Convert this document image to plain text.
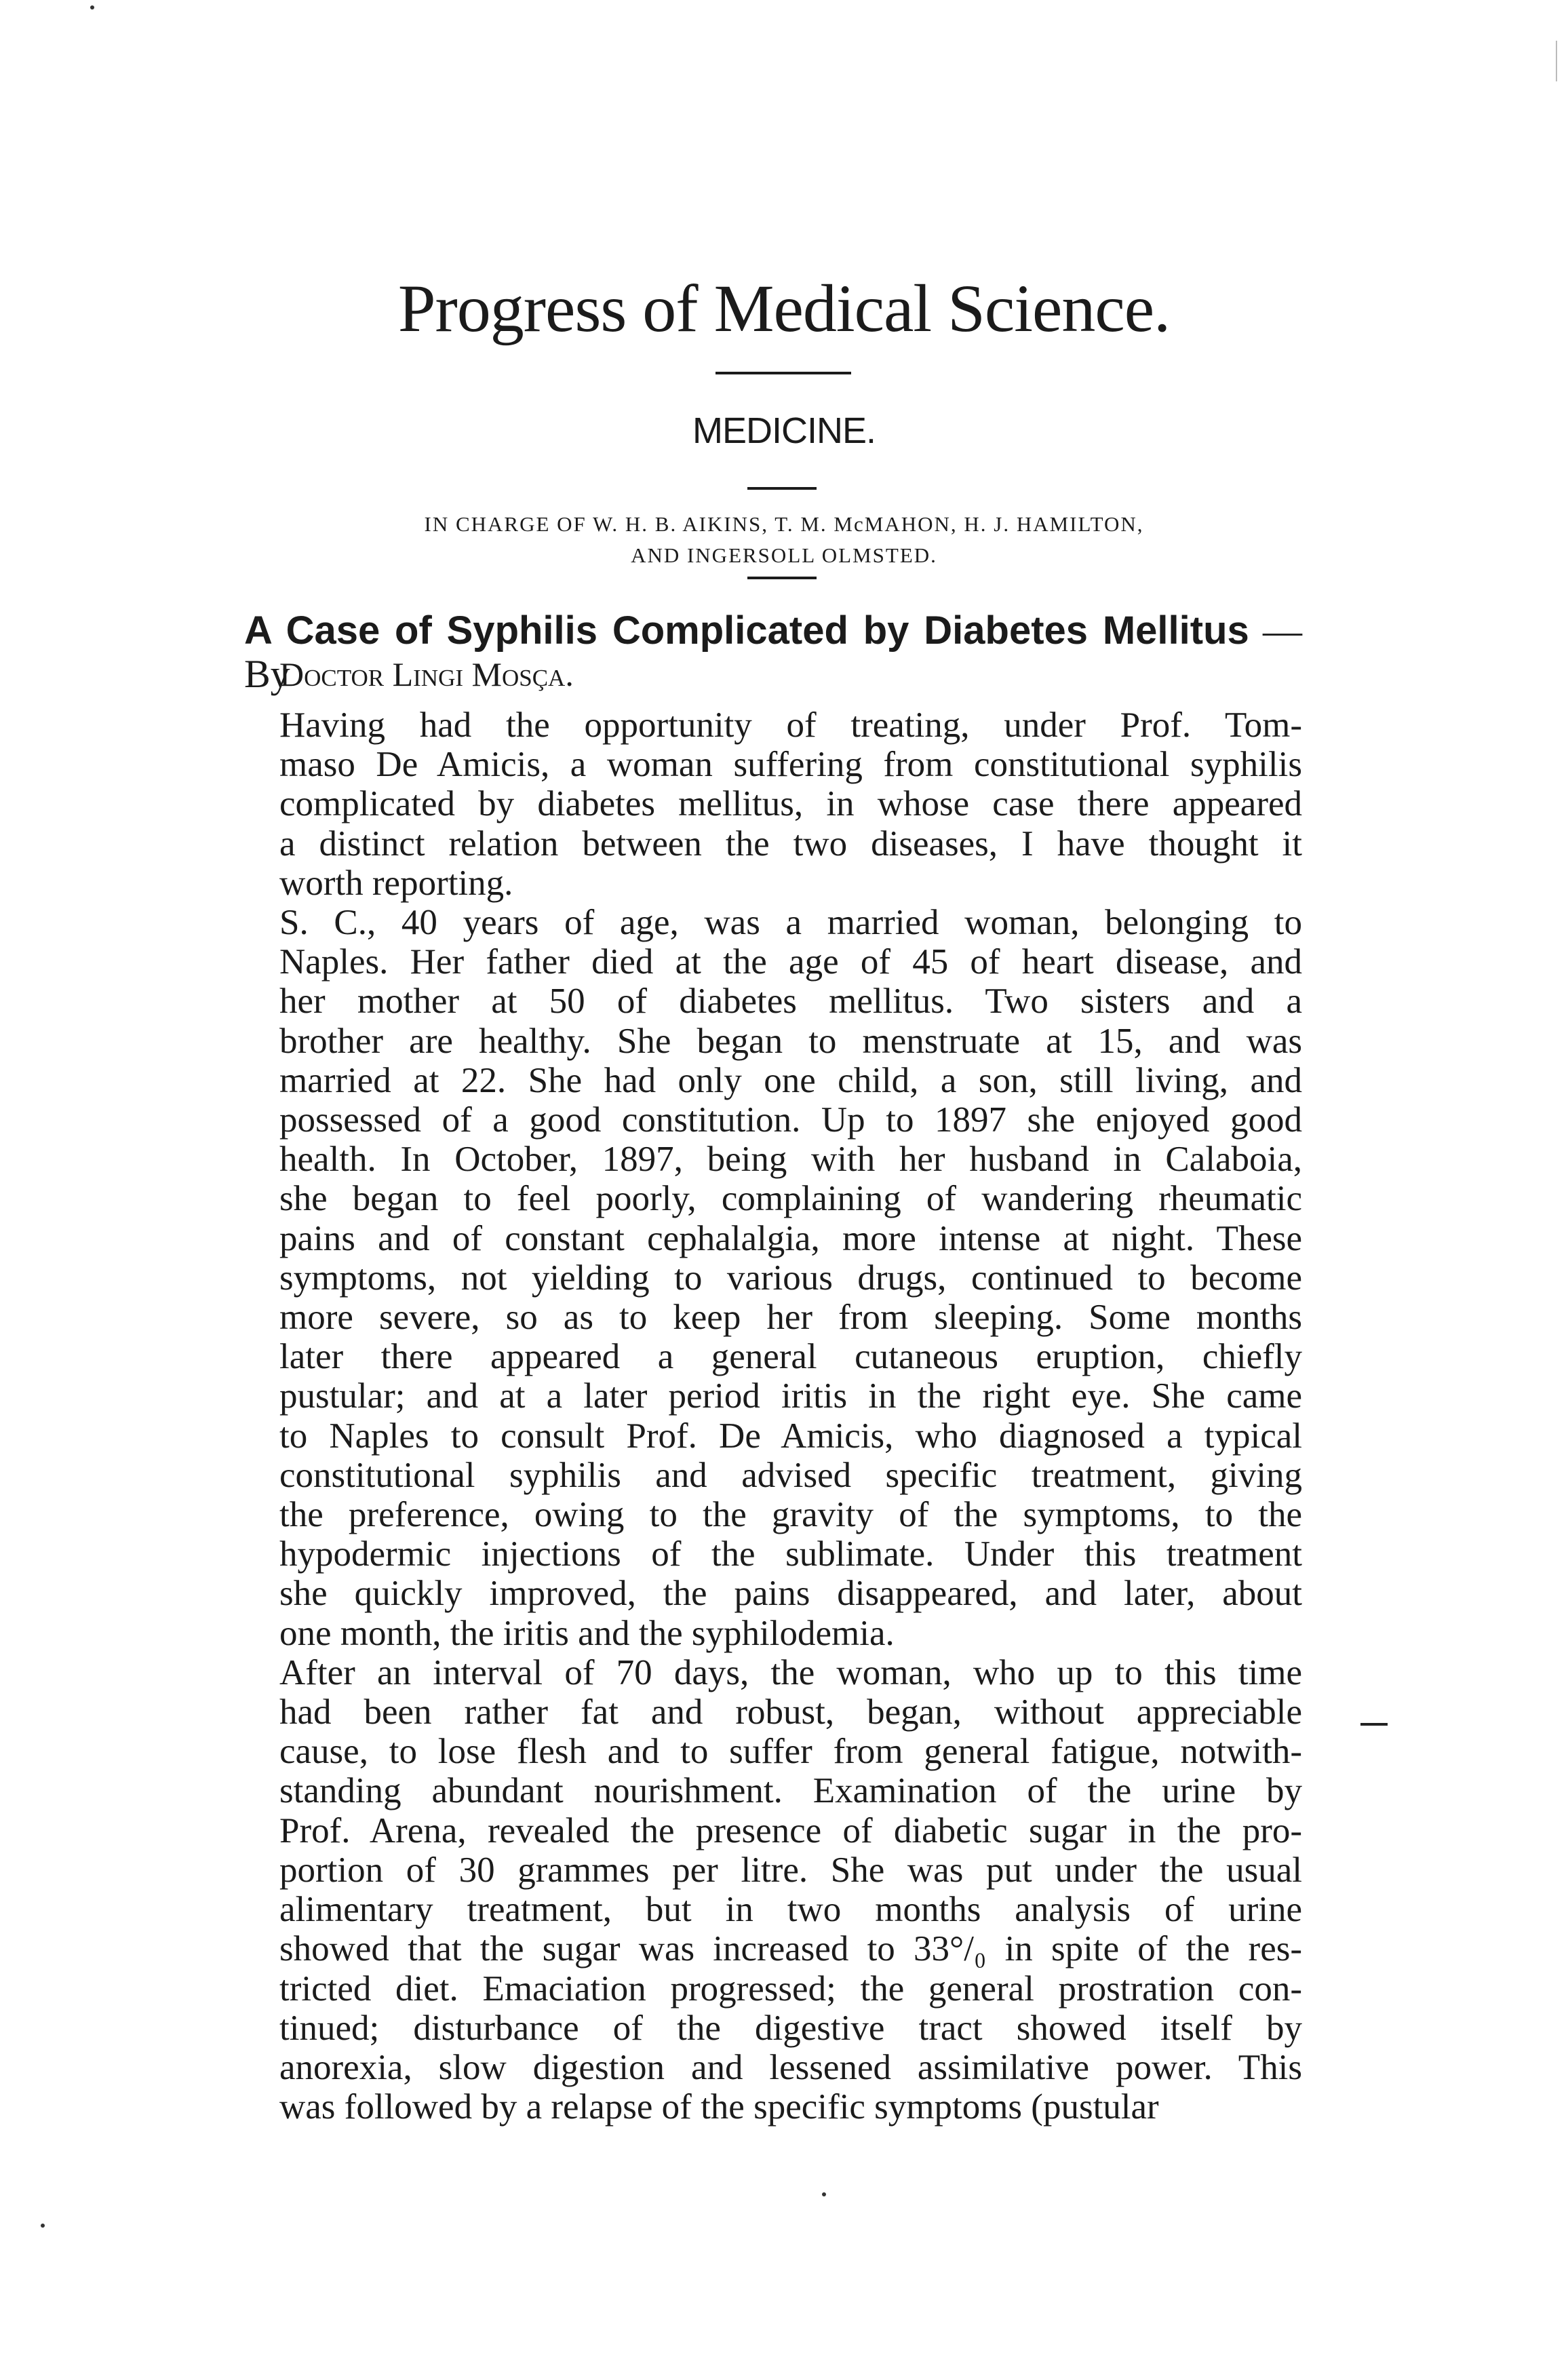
Progress of Medical Science.
MEDICINE.

IN CHARGE OF W. H. B. AIKINS, T. M. McMAHON, H. J. HAMILTON,
AND INGERSOLL OLMSTED.

A Case of Syphilis Complicated by Diabetes Mellitus —By

Doctor Lingi Mosça.

Having had the opportunity of treating, under Prof. Tom-
maso De Amicis, a woman suffering from constitutional syphilis
complicated by diabetes mellitus, in whose case there appeared
a distinct relation between the two diseases, I have thought it
worth reporting.

S. C., 40 years of age, was a married woman, belonging to
Naples. Her father died at the age of 45 of heart disease, and
her mother at 50 of diabetes mellitus. Two sisters and a
brother are healthy. She began to menstruate at 15, and was
married at 22. She had only one child, a son, still living, and
possessed of a good constitution. Up to 1897 she enjoyed good
health. In October, 1897, being with her husband in Calaboia,
she began to feel poorly, complaining of wandering rheumatic
pains and of constant cephalalgia, more intense at night. These
symptoms, not yielding to various drugs, continued to become
more severe, so as to keep her from sleeping. Some months
later there appeared a general cutaneous eruption, chiefly
pustular; and at a later period iritis in the right eye. She came
to Naples to consult Prof. De Amicis, who diagnosed a typical
constitutional syphilis and advised specific treatment, giving
the preference, owing to the gravity of the symptoms, to the
hypodermic injections of the sublimate. Under this treatment
she quickly improved, the pains disappeared, and later, about
one month, the iritis and the syphilodemia.

After an interval of 70 days, the woman, who up to this time
had been rather fat and robust, began, without appreciable
cause, to lose flesh and to suffer from general fatigue, notwith-
standing abundant nourishment. Examination of the urine by
Prof. Arena, revealed the presence of diabetic sugar in the pro-
portion of 30 grammes per litre. She was put under the usual
alimentary treatment, but in two months analysis of urine
showed that the sugar was increased to 33°/₀ in spite of the res-
tricted diet. Emaciation progressed; the general prostration con-
tinued; disturbance of the digestive tract showed itself by
anorexia, slow digestion and lessened assimilative power. This
was followed by a relapse of the specific symptoms (pustular
